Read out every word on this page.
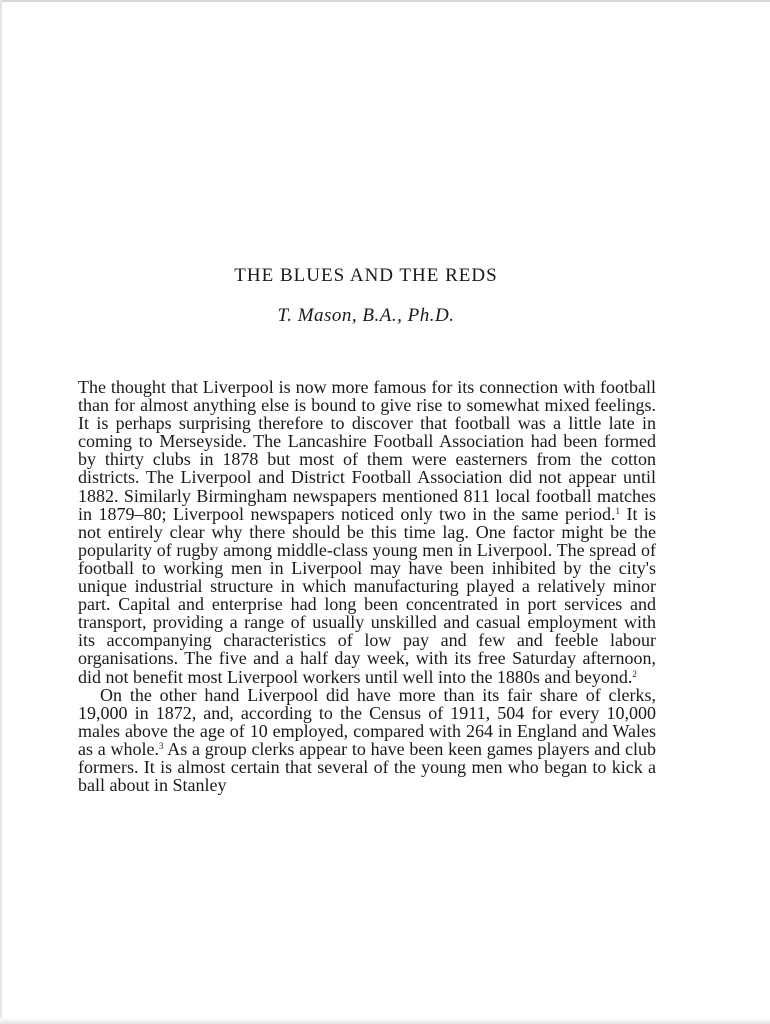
THE BLUES AND THE REDS
T. Mason, B.A., Ph.D.

The thought that Liverpool is now more famous for its connection with football than for almost anything else is bound to give rise to somewhat mixed feelings. It is perhaps surprising therefore to discover that football was a little late in coming to Merseyside. The Lancashire Football Association had been formed by thirty clubs in 1878 but most of them were easterners from the cotton districts. The Liverpool and District Football Association did not appear until 1882. Similarly Birmingham newspapers mentioned 811 local football matches in 1879–80; Liverpool newspapers noticed only two in the same period.$^1$ It is not entirely clear why there should be this time lag. One factor might be the popularity of rugby among middle-class young men in Liverpool. The spread of football to working men in Liverpool may have been inhibited by the city's unique industrial structure in which manufacturing played a relatively minor part. Capital and enterprise had long been concentrated in port services and transport, providing a range of usually unskilled and casual employment with its accompanying characteristics of low pay and few and feeble labour organisations. The five and a half day week, with its free Saturday afternoon, did not benefit most Liverpool workers until well into the 1880s and beyond.$^2$

On the other hand Liverpool did have more than its fair share of clerks, 19,000 in 1872, and, according to the Census of 1911, 504 for every 10,000 males above the age of 10 employed, compared with 264 in England and Wales as a whole.$^3$ As a group clerks appear to have been keen games players and club formers. It is almost certain that several of the young men who began to kick a ball about in Stanley
